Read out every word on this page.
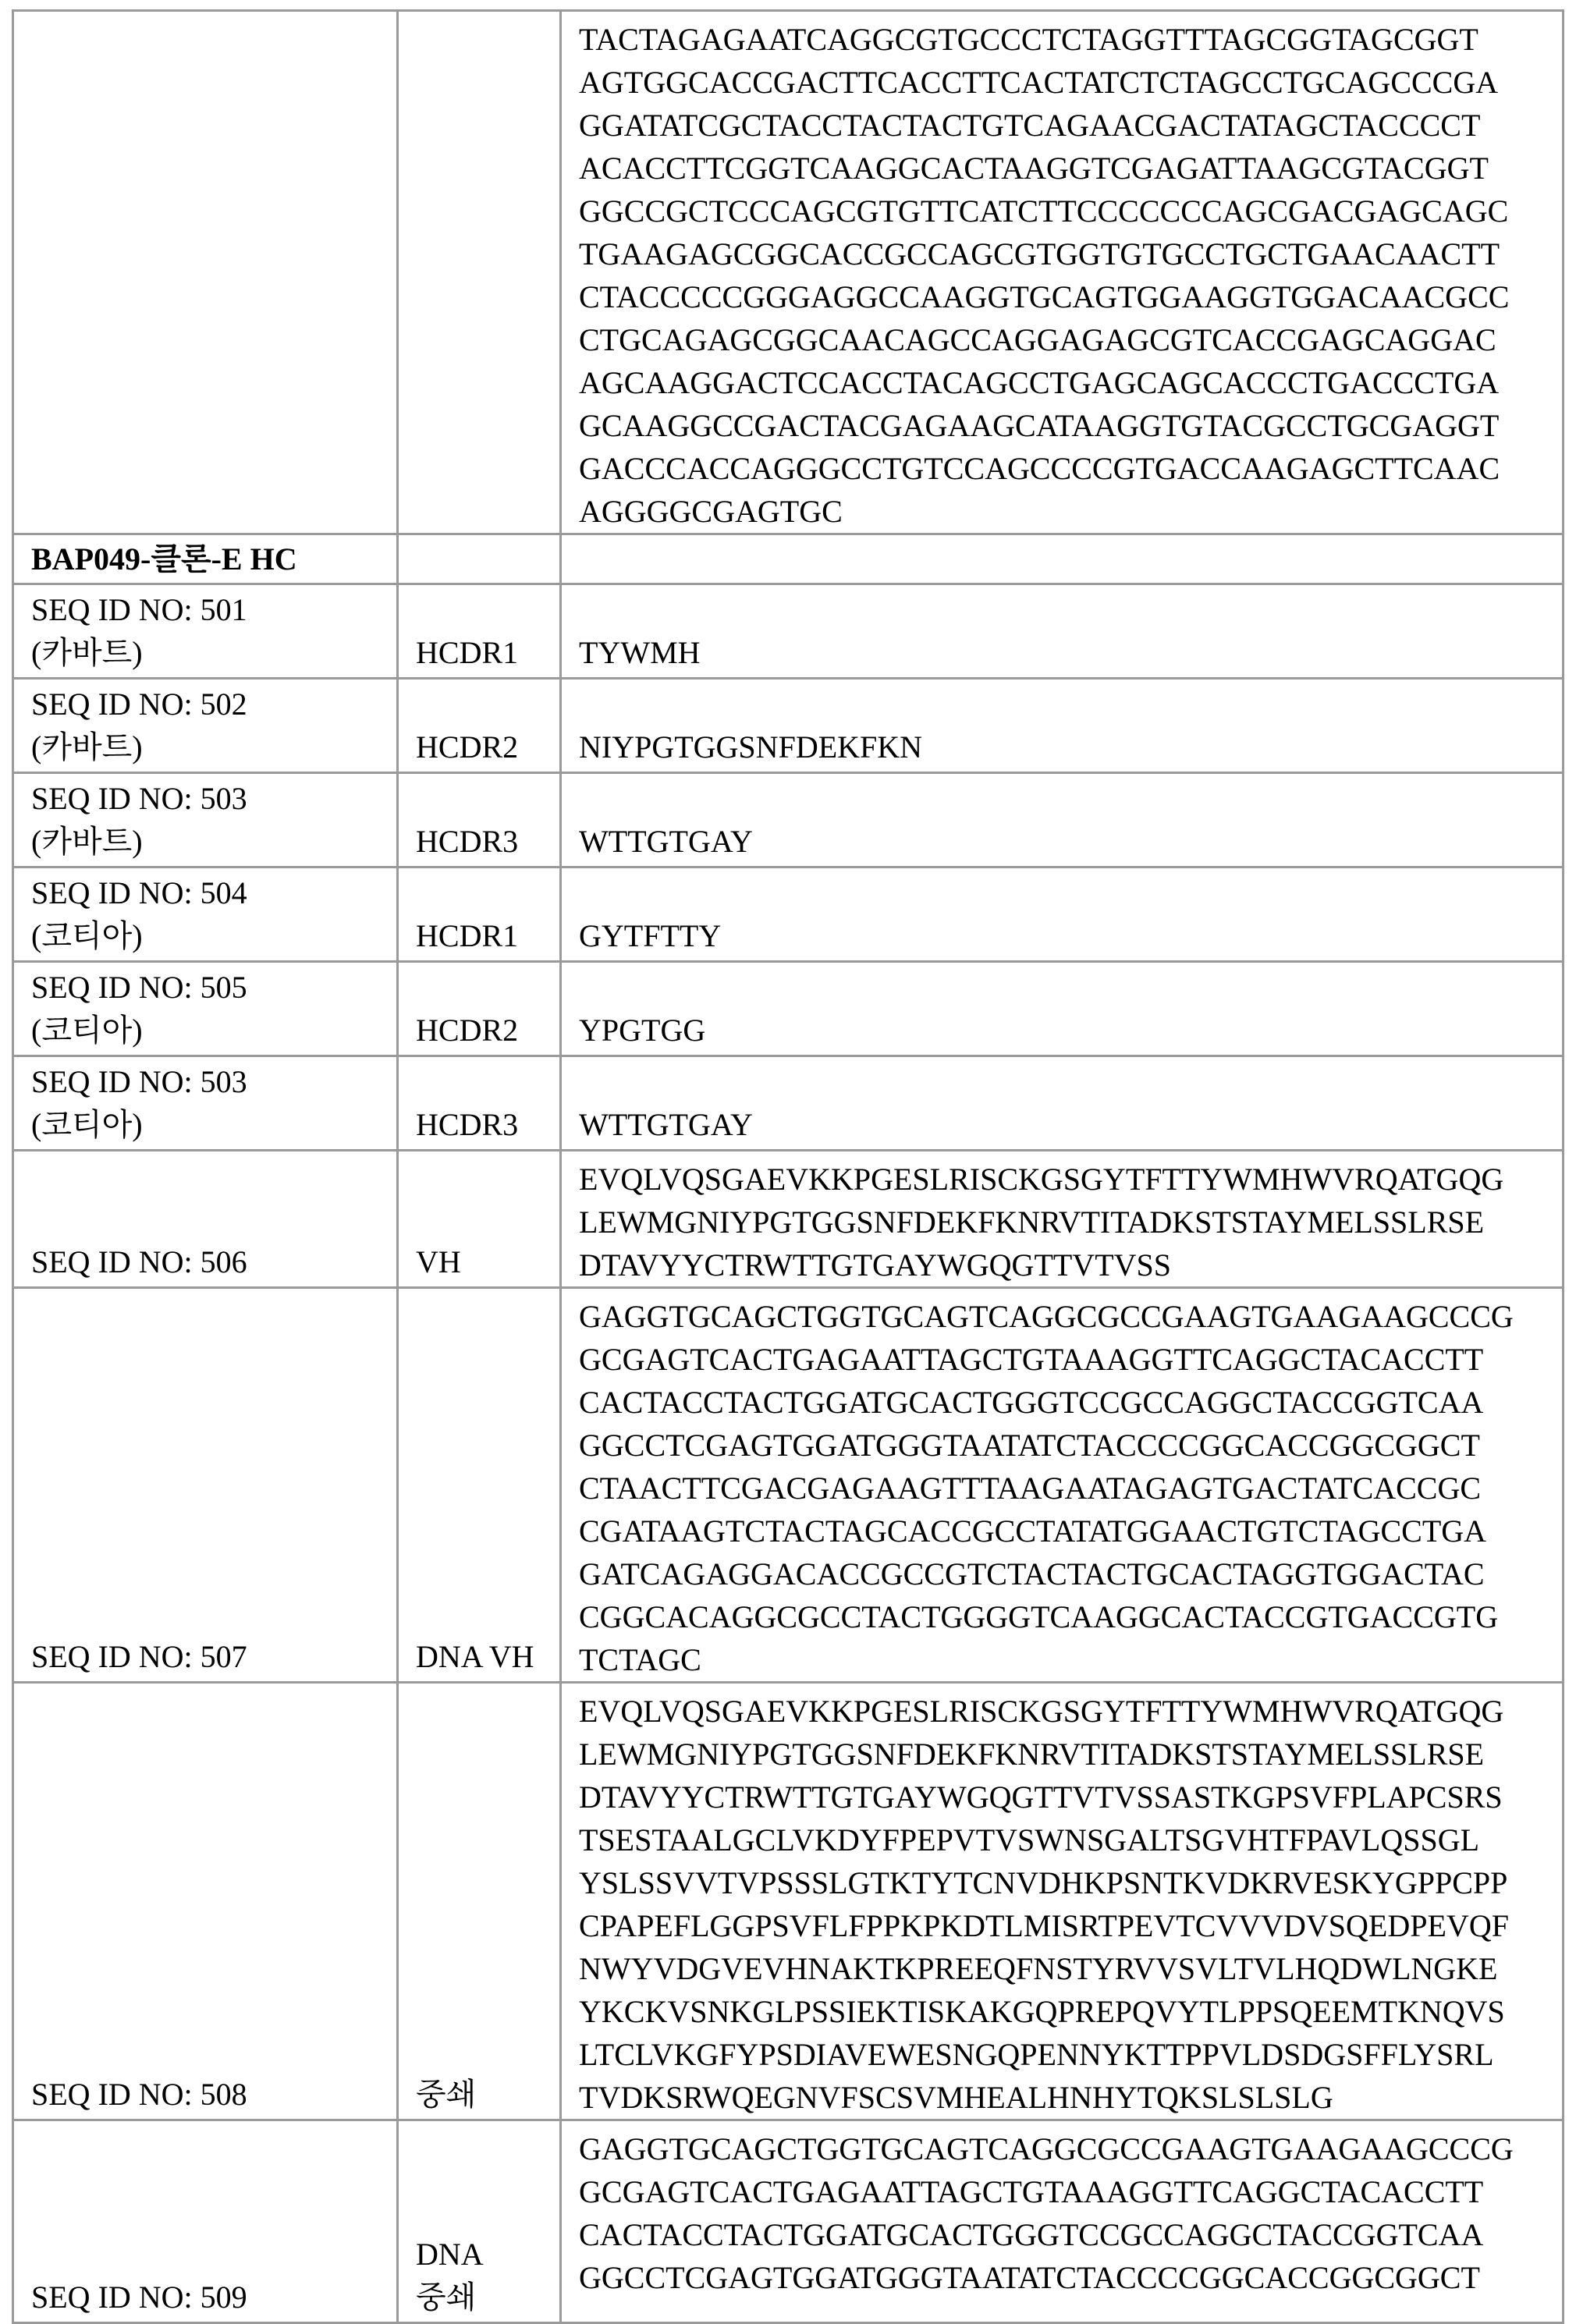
TACTAGAGAATCAGGCGTGCCCTCTAGGTTTAGCGGTAGCGGT
AGTGGCACCGACTTCACCTTCACTATCTCTAGCCTGCAGCCCGA
GGATATCGCTACCTACTACTGTCAGAACGACTATAGCTACCCCT
ACACCTTCGGTCAAGGCACTAAGGTCGAGATTAAGCGTACGGT
GGCCGCTCCCAGCGTGTTCATCTTCCCCCCCAGCGACGAGCAGC
TGAAGAGCGGCACCGCCAGCGTGGTGTGCCTGCTGAACAACTT
CTACCCCCGGGAGGCCAAGGTGCAGTGGAAGGTGGACAACGCC
CTGCAGAGCGGCAACAGCCAGGAGAGCGTCACCGAGCAGGAC
AGCAAGGACTCCACCTACAGCCTGAGCAGCACCCTGACCCTGA
GCAAGGCCGACTACGAGAAGCATAAGGTGTACGCCTGCGAGGT
GACCCACCAGGGCCTGTCCAGCCCCGTGACCAAGAGCTTCAAC
AGGGGCGAGTGC

BAP049-클론-E HC

SEQ ID NO: 501
(카바트)	HCDR1	TYWMH

SEQ ID NO: 502
(카바트)	HCDR2	NIYPGTGGSNFDEKFKN

SEQ ID NO: 503
(카바트)	HCDR3	WTTGTGAY

SEQ ID NO: 504
(코티아)	HCDR1	GYTFTTY

SEQ ID NO: 505
(코티아)	HCDR2	YPGTGG

SEQ ID NO: 503
(코티아)	HCDR3	WTTGTGAY

SEQ ID NO: 506	VH

EVQLVQSGAEVKKPGESLRISCKGSGYTFTTYWMHWVRQATGQG
LEWMGNIYPGTGGSNFDEKFKNRVTITADKSTSTAYMELSSLRSE
DTAVYYCTRWTTGTGAYWGQGTTVTVSS

SEQ ID NO: 507	DNA VH

GAGGTGCAGCTGGTGCAGTCAGGCGCCGAAGTGAAGAAGCCCG
GCGAGTCACTGAGAATTAGCTGTAAAGGTTCAGGCTACACCTT
CACTACCTACTGGATGCACTGGGTCCGCCAGGCTACCGGTCAA
GGCCTCGAGTGGATGGGTAATATCTACCCCGGCACCGGCGGCT
CTAACTTCGACGAGAAGTTTAAGAATAGAGTGACTATCACCGC
CGATAAGTCTACTAGCACCGCCTATATGGAACTGTCTAGCCTGA
GATCAGAGGACACCGCCGTCTACTACTGCACTAGGTGGACTAC
CGGCACAGGCGCCTACTGGGGTCAAGGCACTACCGTGACCGTG
TCTAGC

SEQ ID NO: 508	중쇄

EVQLVQSGAEVKKPGESLRISCKGSGYTFTTYWMHWVRQATGQG
LEWMGNIYPGTGGSNFDEKFKNRVTITADKSTSTAYMELSSLRSE
DTAVYYCTRWTTGTGAYWGQGTTVTVSSASTKGPSVFPLAPCSRS
TSESTAALGCLVKDYFPEPVTVSWNSGALTSGVHTFPAVLQSSGL
YSLSSVVTVPSSSLGTKTYTCNVDHKPSNTKVDKRVESKYGPPCPP
CPAPEFLGGPSVFLFPPKPKDTLMISRTPEVTCVVVDVSQEDPEVQF
NWYVDGVEVHNAKTKPREEQFNSTYRVVSVLTVLHQDWLNGKE
YKCKVSNKGLPSSIEKTISKAKGQPREPQVYTLPPSQEEMTKNQVS
LTCLVKGFYPSDIAVEWESNGQPENNYKTTPPVLDSDGSFFLYSRL
TVDKSRWQEGNVFSCSVMHEALHNHYTQKSLSLSLG

SEQ ID NO: 509

DNA
중쇄

GAGGTGCAGCTGGTGCAGTCAGGCGCCGAAGTGAAGAAGCCCG
GCGAGTCACTGAGAATTAGCTGTAAAGGTTCAGGCTACACCTT
CACTACCTACTGGATGCACTGGGTCCGCCAGGCTACCGGTCAA
GGCCTCGAGTGGATGGGTAATATCTACCCCGGCACCGGCGGCT
